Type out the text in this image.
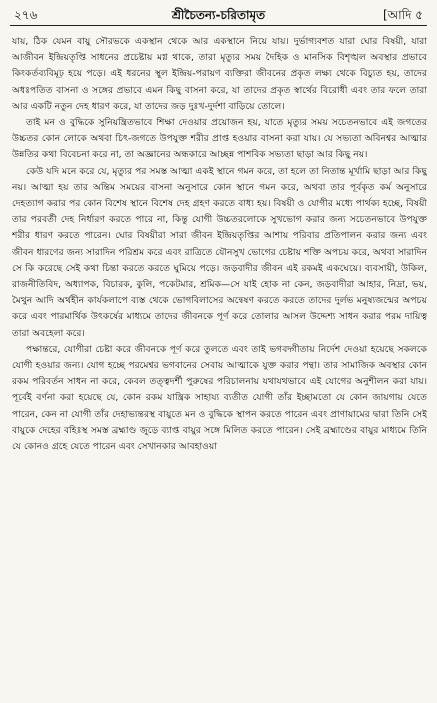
২৭৬	শ্রীচৈতন্য-চরিতামৃত	[আদি ৫

যায়, ঠিক যেমন বায়ু সৌরভকে একস্থান থেকে আর একস্থানে নিয়ে যায়। দুর্ভাগ্যবশত যারা ঘোর বিষয়ী, যারা আজীবন ইন্দ্রিয়তৃপ্তি সাধনের প্রচেষ্টায় মগ্ন থাকে, তারা মৃত্যুর সময় দৈহিক ও মানসিক বিশৃঙ্খল অবস্থার প্রভাবে কিংকর্তব্যবিমূঢ় হয়ে পড়ে। এই ধরনের স্থূল ইন্দ্রিয়-পরায়ণ ব্যক্তিরা জীবনের প্রকৃত লক্ষ্য থেকে বিচ্যুত হয়, তাদের অধঃপতিত বাসনা ও সঙ্গের প্রভাবে এমন কিছু বাসনা করে, যা তাদের প্রকৃত স্বার্থের বিরোধী এবং তার ফলে তারা আর একটি নতুন দেহ ধারণ করে, যা তাদের জড় দুঃখ-দুর্দশা বাড়িয়ে তোলে।

তাই মন ও বুদ্ধিকে সুনিয়ন্ত্রিতভাবে শিক্ষা দেওয়ার প্রয়োজন হয়, যাতে মৃত্যুর সময় সচেতনভাবে এই জগতের উচ্চতর কোন লোকে অথবা চিৎ-জগতে উপযুক্ত শরীর প্রাপ্ত হওয়ার বাসনা করা যায়। যে সভ্যতা অবিনশ্বর আত্মার উন্নতির কথা বিবেচনা করে না, তা অজ্ঞানের অন্ধকারে আচ্ছন্ন পাশবিক সভ্যতা ছাড়া আর কিছু নয়।

কেউ যদি মনে করে যে, মৃত্যুর পর সমস্ত আত্মা একই স্থানে গমন করে, তা হলে তা নিতান্ত মূর্খামি ছাড়া আর কিছু নয়। আত্মা হয় তার অন্তিম সময়ের বাসনা অনুসারে কোন স্থানে গমন করে, অথবা তার পূর্বকৃত কর্ম অনুসারে দেহত্যাগ করার পর কোন বিশেষ স্থানে বিশেষ দেহ গ্রহণ করতে বাধ্য হয়। বিষয়ী ও যোগীর মধ্যে পার্থক্য হচ্ছে, বিষয়ী তার পরবর্তী দেহ নির্ধারণ করতে পারে না, কিন্তু যোগী উচ্চতরলোকে সুখভোগ করার জন্য সচেতনভাবে উপযুক্ত শরীর ধারণ করতে পারেন। ঘোর বিষয়ীরা সারা জীবন ইন্দ্রিয়তৃপ্তির আশায় পরিবার প্রতিপালন করার জন্য এবং জীবন ধারণের জন্য সারাদিন পরিশ্রম করে এবং রাত্রিতে যৌনসুখ ভোগের চেষ্টায় শক্তি অপচয় করে, অথবা সারাদিন সে কি করেছে সেই কথা চিন্তা করতে করতে ঘুমিয়ে পড়ে। জড়বাদীর জীবন এই রকমই একঘেয়ে। ব্যবসায়ী, উকিল, রাজনীতিবিদ, অধ্যাপক, বিচারক, কুলি, পকেটমার, শ্রমিক—সে যাই হোক না কেন, জড়বাদীরা আহার, নিদ্রা, ভয়, মৈথুন আদি অর্থহীন কার্যকলাপে ব্যস্ত থেকে ভোগবিলাসের অন্বেষণ করতে করতে তাদের দুর্লভ মনুষ্যজন্মের অপচয় করে এবং পারমার্থিক উৎকর্ষের মাধ্যমে তাদের জীবনকে পূর্ণ করে তোলার আসল উদ্দেশ্য সাধন করার পরম দায়িত্ব তারা অবহেলা করে।

পক্ষান্তরে, যোগীরা চেষ্টা করে জীবনকে পূর্ণ করে তুলতে এবং তাই ভগবদ্গীতায় নির্দেশ দেওয়া হয়েছে সকলকে যোগী হওয়ার জন্য। যোগ হচ্ছে পরমেশ্বর ভগবানের সেবায় আত্মাকে যুক্ত করার পন্থা। তার সামাজিক অবস্থার কোন রকম পরিবর্তন সাধন না করে, কেবল তত্ত্বদর্শী পুরুষের পরিচালনায় যথাযথভাবে এই যোগের অনুশীলন করা যায়। পূর্বেই বর্ণনা করা হয়েছে যে, কোন রকম যান্ত্রিক সাহায্য ব্যতীত যোগী তাঁর ইচ্ছামতো যে কোন জায়গায় যেতে পারেন, কেন না যোগী তাঁর দেহাভ্যন্তরস্থ বায়ুতে মন ও বুদ্ধিকে স্থাপন করতে পারেন এবং প্রাণায়ামের দ্বারা তিনি সেই বায়ুকে দেহের বহিঃস্থ সমস্ত ব্রহ্মাণ্ড জুড়ে ব্যাপ্ত বায়ুর সঙ্গে মিলিত করতে পারেন। সেই ব্রহ্মাণ্ডের বায়ুর মাধ্যমে তিনি যে কোনও গ্রহে যেতে পারেন এবং সেখানকার আবহাওয়া
